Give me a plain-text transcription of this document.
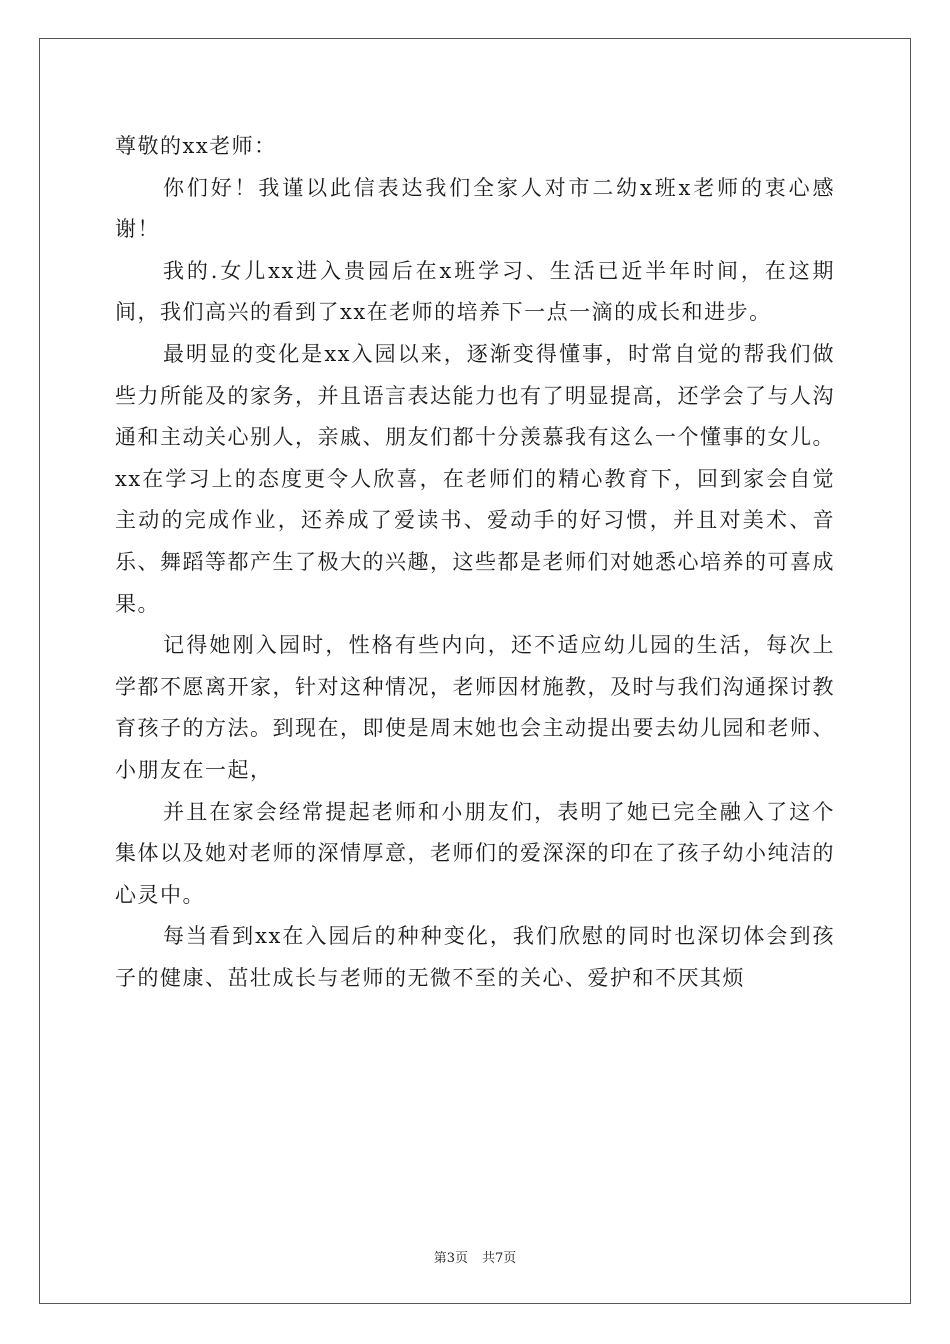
尊敬的xx老师：

你们好！我谨以此信表达我们全家人对市二幼x班x老师的衷心感谢！

我的.女儿xx进入贵园后在x班学习、生活已近半年时间，在这期间，我们高兴的看到了xx在老师的培养下一点一滴的成长和进步。

最明显的变化是xx入园以来，逐渐变得懂事，时常自觉的帮我们做些力所能及的家务，并且语言表达能力也有了明显提高，还学会了与人沟通和主动关心别人，亲戚、朋友们都十分羡慕我有这么一个懂事的女儿。xx在学习上的态度更令人欣喜，在老师们的精心教育下，回到家会自觉主动的完成作业，还养成了爱读书、爱动手的好习惯，并且对美术、音乐、舞蹈等都产生了极大的兴趣，这些都是老师们对她悉心培养的可喜成果。

记得她刚入园时，性格有些内向，还不适应幼儿园的生活，每次上学都不愿离开家，针对这种情况，老师因材施教，及时与我们沟通探讨教育孩子的方法。到现在，即使是周末她也会主动提出要去幼儿园和老师、小朋友在一起，

并且在家会经常提起老师和小朋友们，表明了她已完全融入了这个集体以及她对老师的深情厚意，老师们的爱深深的印在了孩子幼小纯洁的心灵中。

每当看到xx在入园后的种种变化，我们欣慰的同时也深切体会到孩子的健康、茁壮成长与老师的无微不至的关心、爱护和不厌其烦

第3页 共7页
